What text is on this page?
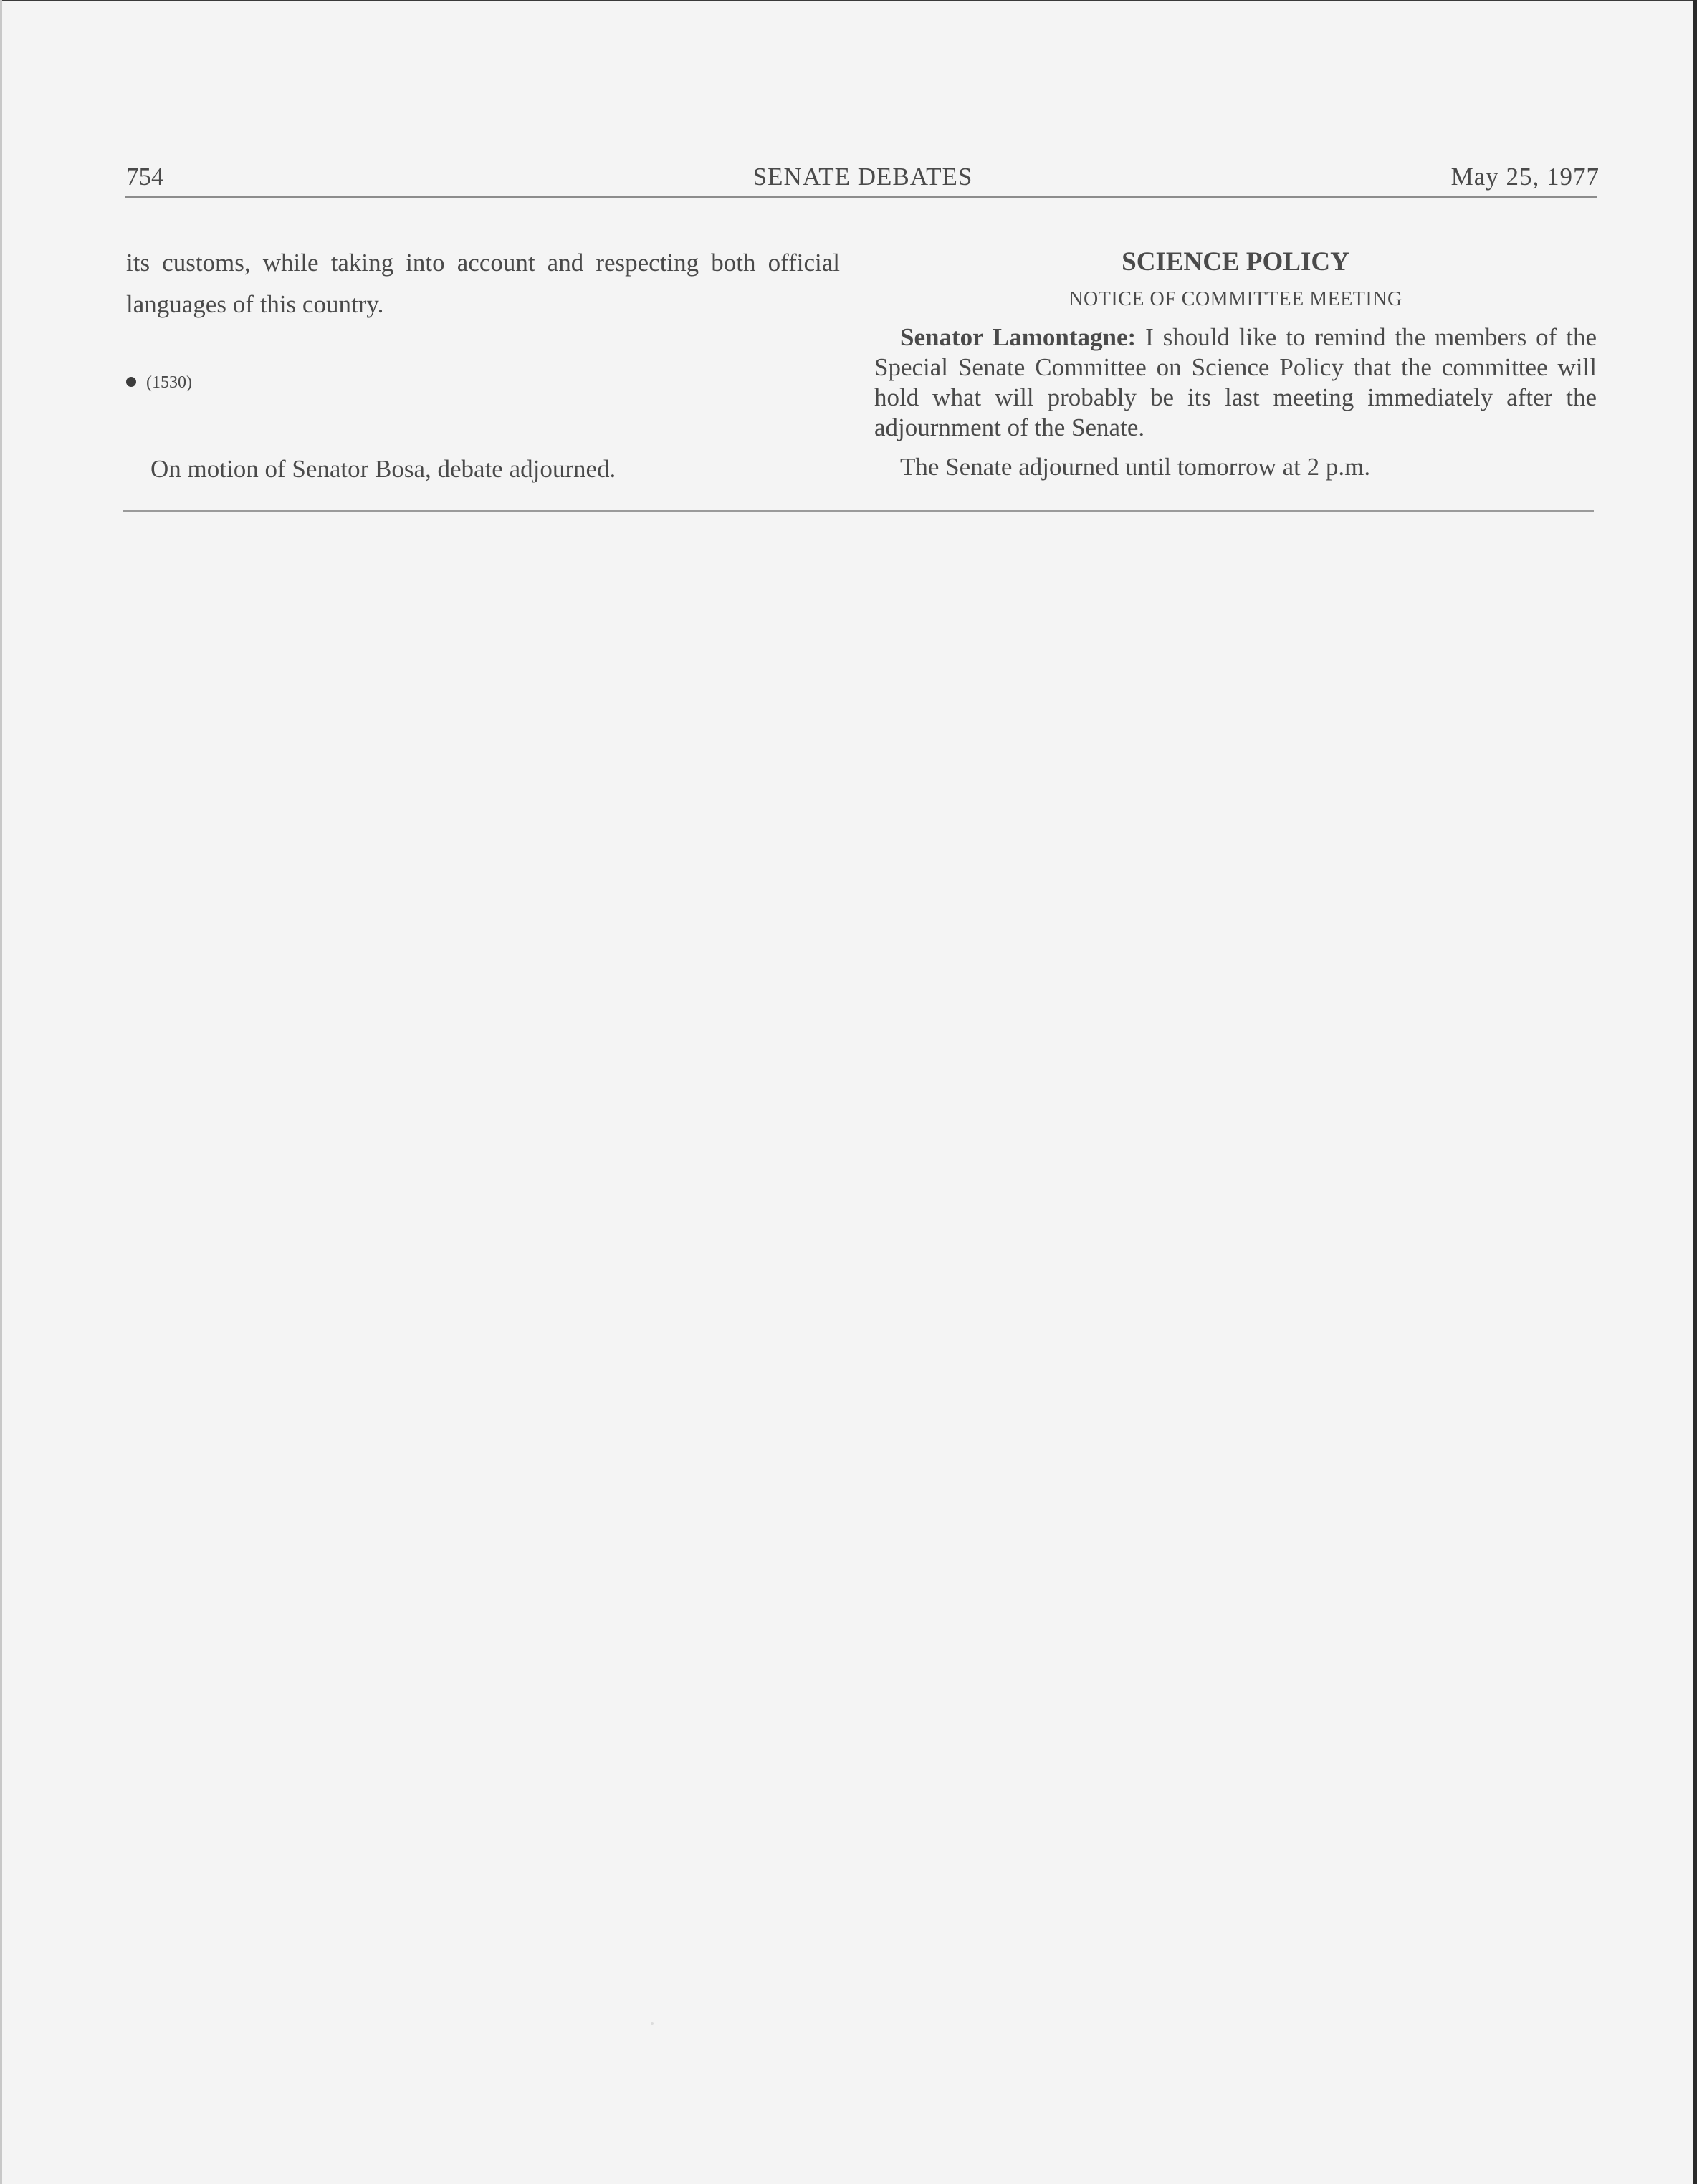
754	SENATE DEBATES	May 25, 1977

its customs, while taking into account and respecting both official languages of this country.

(1530)
On motion of Senator Bosa, debate adjourned.
SCIENCE POLICY
NOTICE OF COMMITTEE MEETING

Senator Lamontagne: I should like to remind the members of the Special Senate Committee on Science Policy that the committee will hold what will probably be its last meeting immediately after the adjournment of the Senate.

The Senate adjourned until tomorrow at 2 p.m.
